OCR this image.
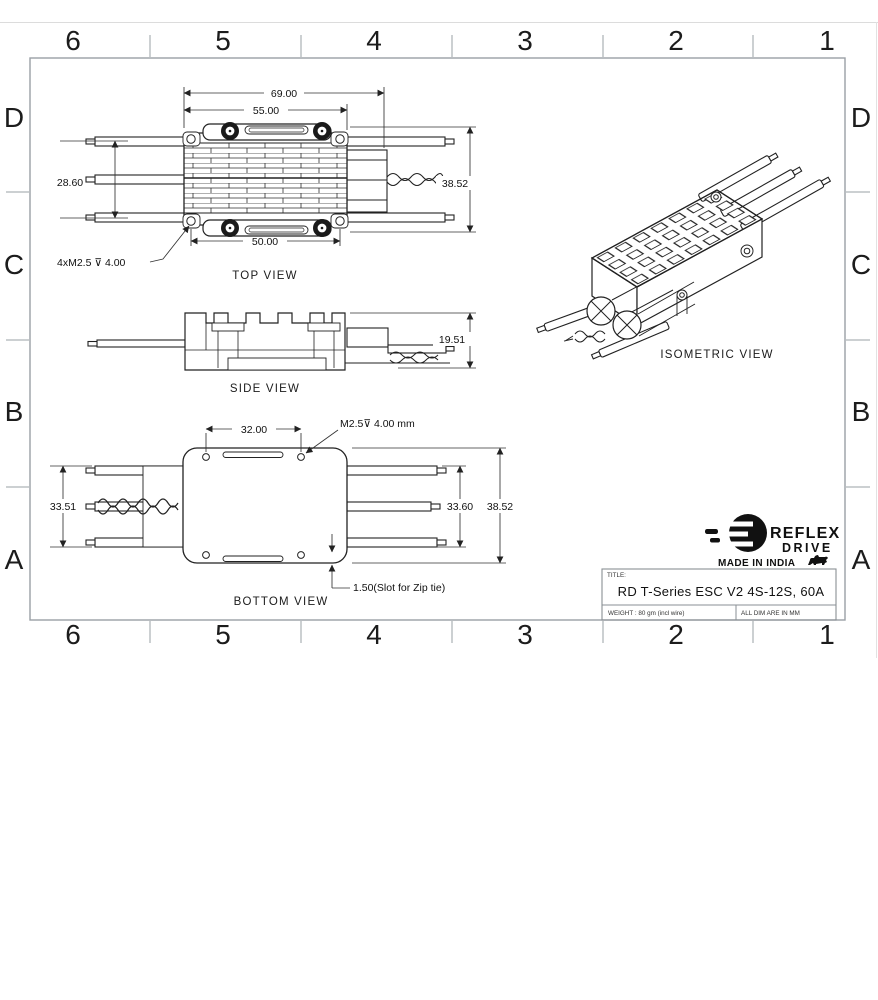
6	5	4	3	2	1
6	5	4	3	2	1
D
C
B
A
D
C
B
A
69.00
55.00
50.00
28.60	38.52
4xM2.5 ⊽ 4.00
TOP VIEW
19.51
SIDE VIEW
32.00	M2.5⊽ 4.00 mm
33.51	33.60 38.52
1.50(Slot for Zip tie)
BOTTOM VIEW
ISOMETRIC VIEW
REFLEX
DRIVE
MADE IN INDIA
TITLE:
RD T-Series ESC V2 4S-12S, 60A
WEIGHT : 80 gm (incl wire)	ALL DIM ARE IN MM
